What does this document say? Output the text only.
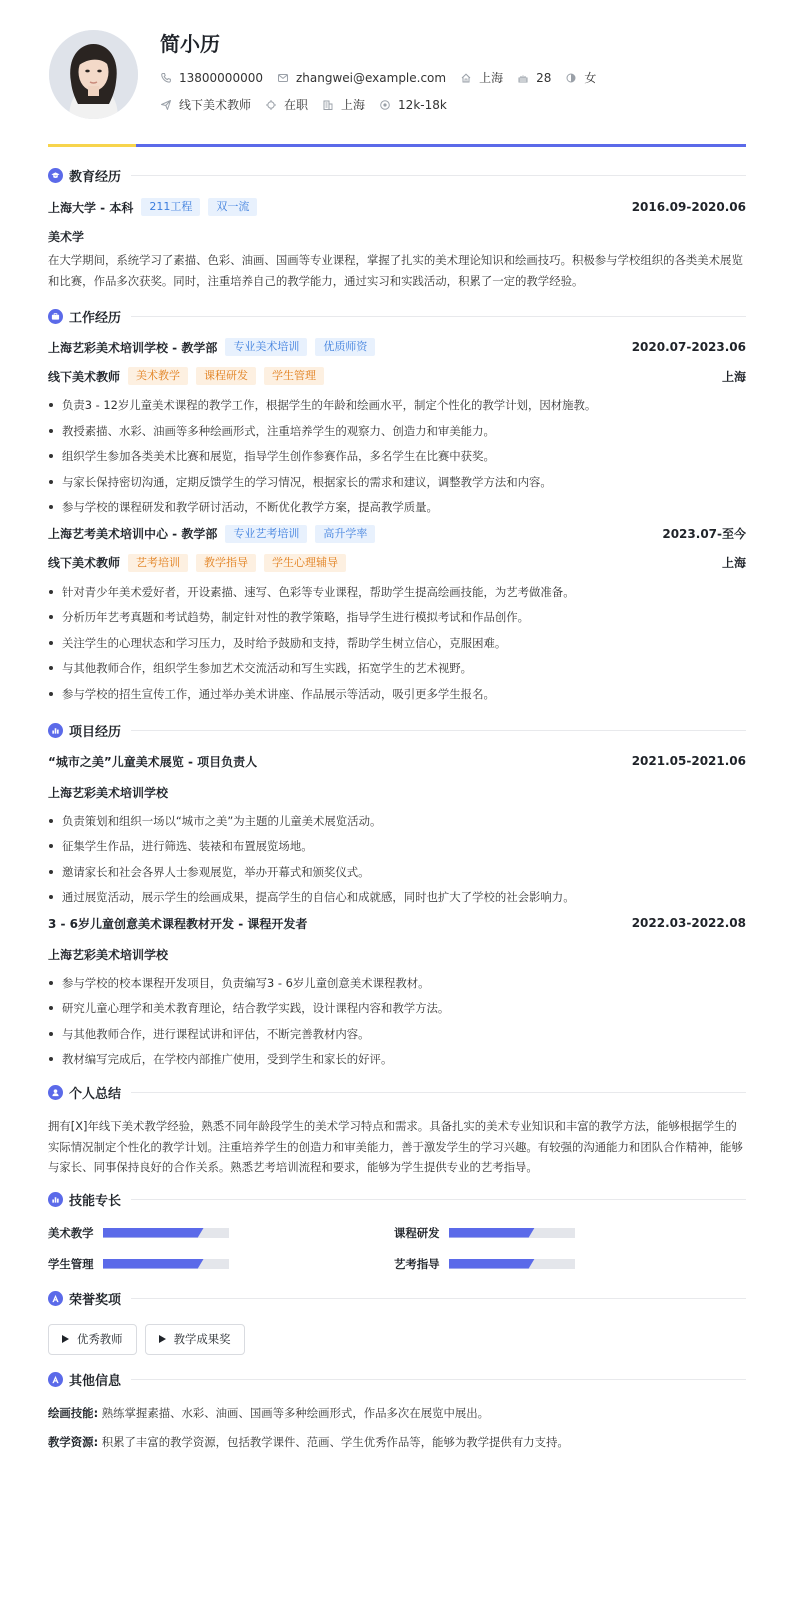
简小历
13800000000	zhangwei@example.com	上海	28	女
线下美术教师	在职	上海	12k-18k
教育经历
上海大学 - 本科	211工程	双一流	2016.09-2020.06
美术学
在大学期间，系统学习了素描、色彩、油画、国画等专业课程，掌握了扎实的美术理论知识和绘画技巧。积极参与学校组织的各类美术展览和比赛，作品多次获奖。同时，注重培养自己的教学能力，通过实习和实践活动，积累了一定的教学经验。
工作经历
上海艺彩美术培训学校 - 教学部	专业美术培训	优质师资	2020.07-2023.06
线下美术教师	美术教学	课程研发	学生管理	上海
负责3 - 12岁儿童美术课程的教学工作，根据学生的年龄和绘画水平，制定个性化的教学计划，因材施教。
教授素描、水彩、油画等多种绘画形式，注重培养学生的观察力、创造力和审美能力。
组织学生参加各类美术比赛和展览，指导学生创作参赛作品，多名学生在比赛中获奖。
与家长保持密切沟通，定期反馈学生的学习情况，根据家长的需求和建议，调整教学方法和内容。
参与学校的课程研发和教学研讨活动，不断优化教学方案，提高教学质量。
上海艺考美术培训中心 - 教学部	专业艺考培训	高升学率	2023.07-至今
线下美术教师	艺考培训	教学指导	学生心理辅导	上海
针对青少年美术爱好者，开设素描、速写、色彩等专业课程，帮助学生提高绘画技能，为艺考做准备。
分析历年艺考真题和考试趋势，制定针对性的教学策略，指导学生进行模拟考试和作品创作。
关注学生的心理状态和学习压力，及时给予鼓励和支持，帮助学生树立信心，克服困难。
与其他教师合作，组织学生参加艺术交流活动和写生实践，拓宽学生的艺术视野。
参与学校的招生宣传工作，通过举办美术讲座、作品展示等活动，吸引更多学生报名。
项目经历
“城市之美”儿童美术展览 - 项目负责人	2021.05-2021.06
上海艺彩美术培训学校
负责策划和组织一场以“城市之美”为主题的儿童美术展览活动。
征集学生作品，进行筛选、装裱和布置展览场地。
邀请家长和社会各界人士参观展览，举办开幕式和颁奖仪式。
通过展览活动，展示学生的绘画成果，提高学生的自信心和成就感，同时也扩大了学校的社会影响力。
3 - 6岁儿童创意美术课程教材开发 - 课程开发者	2022.03-2022.08
上海艺彩美术培训学校
参与学校的校本课程开发项目，负责编写3 - 6岁儿童创意美术课程教材。
研究儿童心理学和美术教育理论，结合教学实践，设计课程内容和教学方法。
与其他教师合作，进行课程试讲和评估，不断完善教材内容。
教材编写完成后，在学校内部推广使用，受到学生和家长的好评。
个人总结
拥有[X]年线下美术教学经验，熟悉不同年龄段学生的美术学习特点和需求。具备扎实的美术专业知识和丰富的教学方法，能够根据学生的实际情况制定个性化的教学计划。注重培养学生的创造力和审美能力，善于激发学生的学习兴趣。有较强的沟通能力和团队合作精神，能够与家长、同事保持良好的合作关系。熟悉艺考培训流程和要求，能够为学生提供专业的艺考指导。
技能专长
美术教学	课程研发
学生管理	艺考指导
荣誉奖项
优秀教师	教学成果奖
其他信息
绘画技能: 熟练掌握素描、水彩、油画、国画等多种绘画形式，作品多次在展览中展出。
教学资源: 积累了丰富的教学资源，包括教学课件、范画、学生优秀作品等，能够为教学提供有力支持。
